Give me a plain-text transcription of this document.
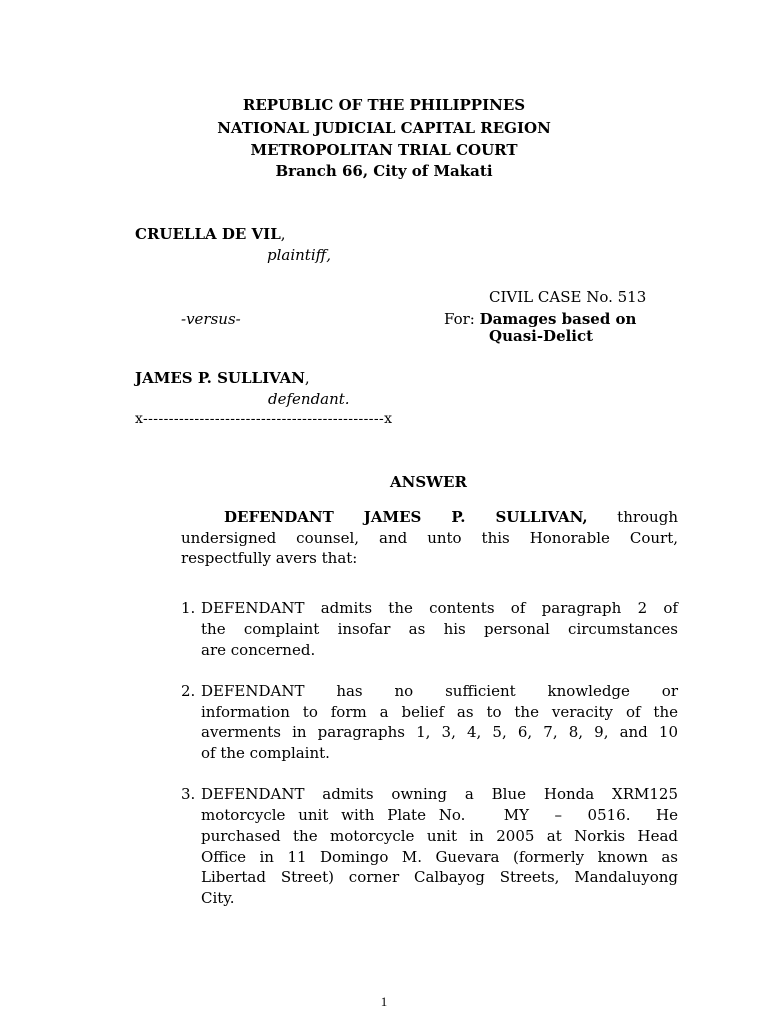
REPUBLIC OF THE PHILIPPINES
NATIONAL JUDICIAL CAPITAL REGION
METROPOLITAN TRIAL COURT
Branch 66, City of Makati
CRUELLA DE VIL,
plaintiff,
CIVIL CASE No. 513
-versus-	For: Damages based on
Quasi-Delict
JAMES P. SULLIVAN,
defendant.
x-----------------------------------------------x
ANSWER
DEFENDANT JAMES P. SULLIVAN, through
undersigned counsel, and unto this Honorable Court,
respectfully avers that:
1. DEFENDANT admits the contents of paragraph 2 of
the complaint insofar as his personal circumstances
are concerned.
2. DEFENDANT has no sufficient knowledge or
information to form a belief as to the veracity of the
averments in paragraphs 1, 3, 4, 5, 6, 7, 8, 9, and 10
of the complaint.
3. DEFENDANT admits owning a Blue Honda XRM125
motorcycle unit with Plate No.   MY  –  0516.  He
purchased the motorcycle unit in 2005 at Norkis Head
Office in 11 Domingo M. Guevara (formerly known as
Libertad Street) corner Calbayog Streets, Mandaluyong
City.
1
